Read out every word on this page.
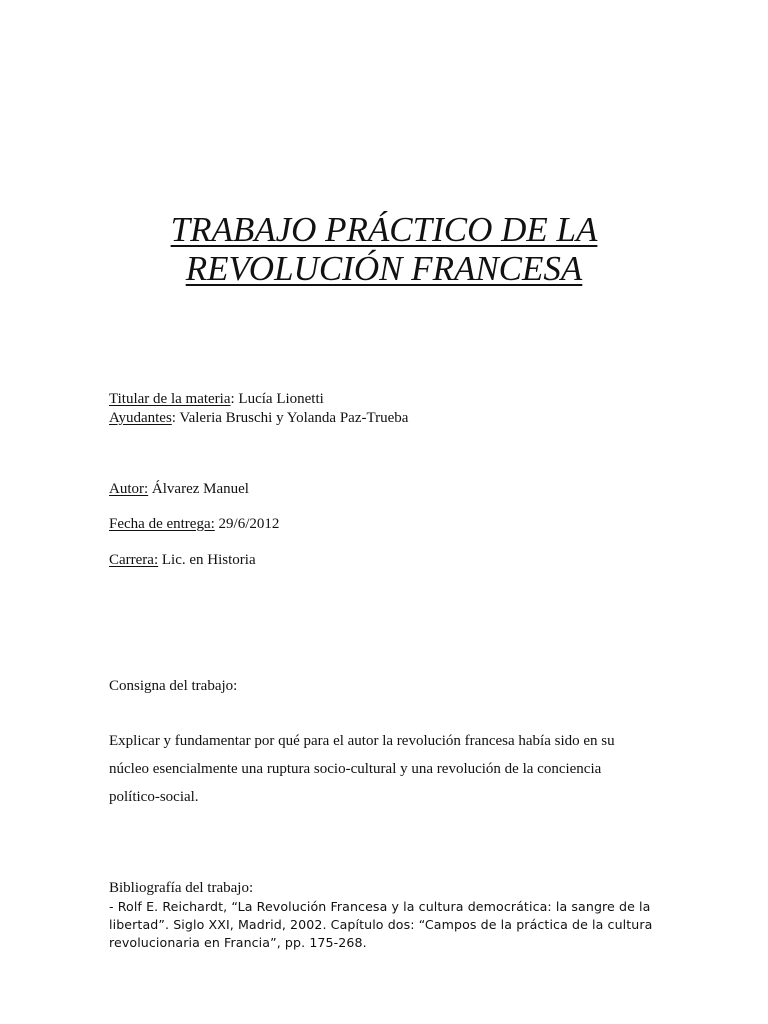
TRABAJO PRÁCTICO DE LA
REVOLUCIÓN FRANCESA

Titular de la materia: Lucía Lionetti

Ayudantes: Valeria Bruschi y Yolanda Paz-Trueba

Autor: Álvarez Manuel

Fecha de entrega: 29/6/2012

Carrera: Lic. en Historia

Consigna del trabajo:

Explicar y fundamentar por qué para el autor la revolución francesa había sido en su núcleo esencialmente una ruptura socio-cultural y una revolución de la conciencia político-social.

Bibliografía del trabajo:
- Rolf E. Reichardt, “La Revolución Francesa y la cultura democrática: la sangre de la libertad”. Siglo XXI, Madrid, 2002. Capítulo dos: “Campos de la práctica de la cultura revolucionaria en Francia”, pp. 175-268.
